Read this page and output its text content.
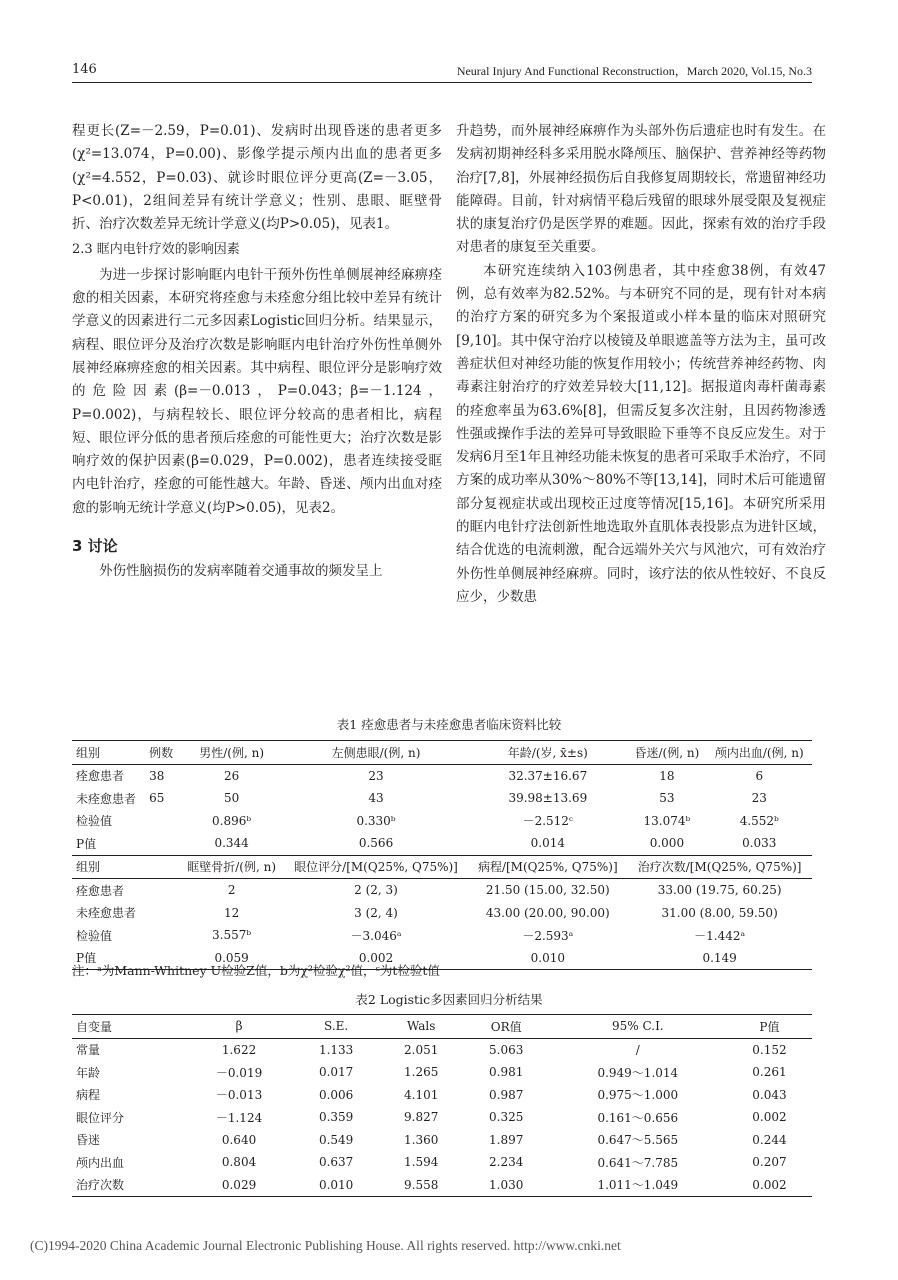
146	Neural Injury And Functional Reconstruction，March 2020, Vol.15, No.3

程更长(Z=－2.59，P=0.01)、发病时出现昏迷的患者更多(χ²=13.074，P=0.00)、影像学提示颅内出血的患者更多(χ²=4.552，P=0.03)、就诊时眼位评分更高(Z=－3.05，P<0.01)，2组间差异有统计学意义；性别、患眼、眶壁骨折、治疗次数差异无统计学意义(均P>0.05)，见表1。

2.3 眶内电针疗效的影响因素

为进一步探讨影响眶内电针干预外伤性单侧展神经麻痹痊愈的相关因素，本研究将痊愈与未痊愈分组比较中差异有统计学意义的因素进行二元多因素Logistic回归分析。结果显示，病程、眼位评分及治疗次数是影响眶内电针治疗外伤性单侧外展神经麻痹痊愈的相关因素。其中病程、眼位评分是影响疗效的危险因素(β=－0.013，P=0.043；β=－1.124，P=0.002)，与病程较长、眼位评分较高的患者相比，病程短、眼位评分低的患者预后痊愈的可能性更大；治疗次数是影响疗效的保护因素(β=0.029，P=0.002)，患者连续接受眶内电针治疗，痊愈的可能性越大。年龄、昏迷、颅内出血对痊愈的影响无统计学意义(均P>0.05)，见表2。

3 讨论

外伤性脑损伤的发病率随着交通事故的频发呈上

升趋势，而外展神经麻痹作为头部外伤后遗症也时有发生。在发病初期神经科多采用脱水降颅压、脑保护、营养神经等药物治疗[7,8]，外展神经损伤后自我修复周期较长，常遗留神经功能障碍。目前，针对病情平稳后残留的眼球外展受限及复视症状的康复治疗仍是医学界的难题。因此，探索有效的治疗手段对患者的康复至关重要。

本研究连续纳入103例患者，其中痊愈38例，有效47例，总有效率为82.52%。与本研究不同的是，现有针对本病的治疗方案的研究多为个案报道或小样本量的临床对照研究[9,10]。其中保守治疗以棱镜及单眼遮盖等方法为主，虽可改善症状但对神经功能的恢复作用较小；传统营养神经药物、肉毒素注射治疗的疗效差异较大[11,12]。据报道肉毒杆菌毒素的痊愈率虽为63.6%[8]，但需反复多次注射，且因药物渗透性强或操作手法的差异可导致眼睑下垂等不良反应发生。对于发病6月至1年且神经功能未恢复的患者可采取手术治疗，不同方案的成功率从30%～80%不等[13,14]，同时术后可能遗留部分复视症状或出现校正过度等情况[15,16]。本研究所采用的眶内电针疗法创新性地选取外直肌体表投影点为进针区域，结合优选的电流刺激，配合远端外关穴与风池穴，可有效治疗外伤性单侧展神经麻痹。同时，该疗法的依从性较好、不良反应少，少数患

表1 痊愈患者与未痊愈患者临床资料比较
组别	例数	男性/(例, n)	左侧患眼/(例, n)	年龄/(岁, x̄±s)	昏迷/(例, n)	颅内出血/(例, n)
痊愈患者	38	26	23	32.37±16.67	18	6
未痊愈患者	65	50	43	39.98±13.69	53	23
检验值		0.896ᵇ	0.330ᵇ	－2.512ᶜ	13.074ᵇ	4.552ᵇ
P值		0.344	0.566	0.014	0.000	0.033
组别		眶壁骨折/(例, n)	眼位评分/[M(Q25%, Q75%)]	病程/[M(Q25%, Q75%)]	治疗次数/[M(Q25%, Q75%)]	
痊愈患者		2	2 (2, 3)	21.50 (15.00, 32.50)	33.00 (19.75, 60.25)	
未痊愈患者		12	3 (2, 4)	43.00 (20.00, 90.00)	31.00 (8.00, 59.50)	
检验值		3.557ᵇ	－3.046ᵃ	－2.593ᵃ	－1.442ᵃ	
P值		0.059	0.002	0.010	0.149	
注：ᵃ为Mann-Whitney U检验Z值，b为χ²检验χ²值，ᶜ为t检验t值
表2 Logistic多因素回归分析结果
自变量	β	S.E.	Wals	OR值	95% C.I.	P值
常量	1.622	1.133	2.051	5.063	/	0.152
年龄	－0.019	0.017	1.265	0.981	0.949～1.014	0.261
病程	－0.013	0.006	4.101	0.987	0.975～1.000	0.043
眼位评分	－1.124	0.359	9.827	0.325	0.161～0.656	0.002
昏迷	0.640	0.549	1.360	1.897	0.647～5.565	0.244
颅内出血	0.804	0.637	1.594	2.234	0.641～7.785	0.207
治疗次数	0.029	0.010	9.558	1.030	1.011～1.049	0.002
(C)1994-2020 China Academic Journal Electronic Publishing House. All rights reserved. http://www.cnki.net
